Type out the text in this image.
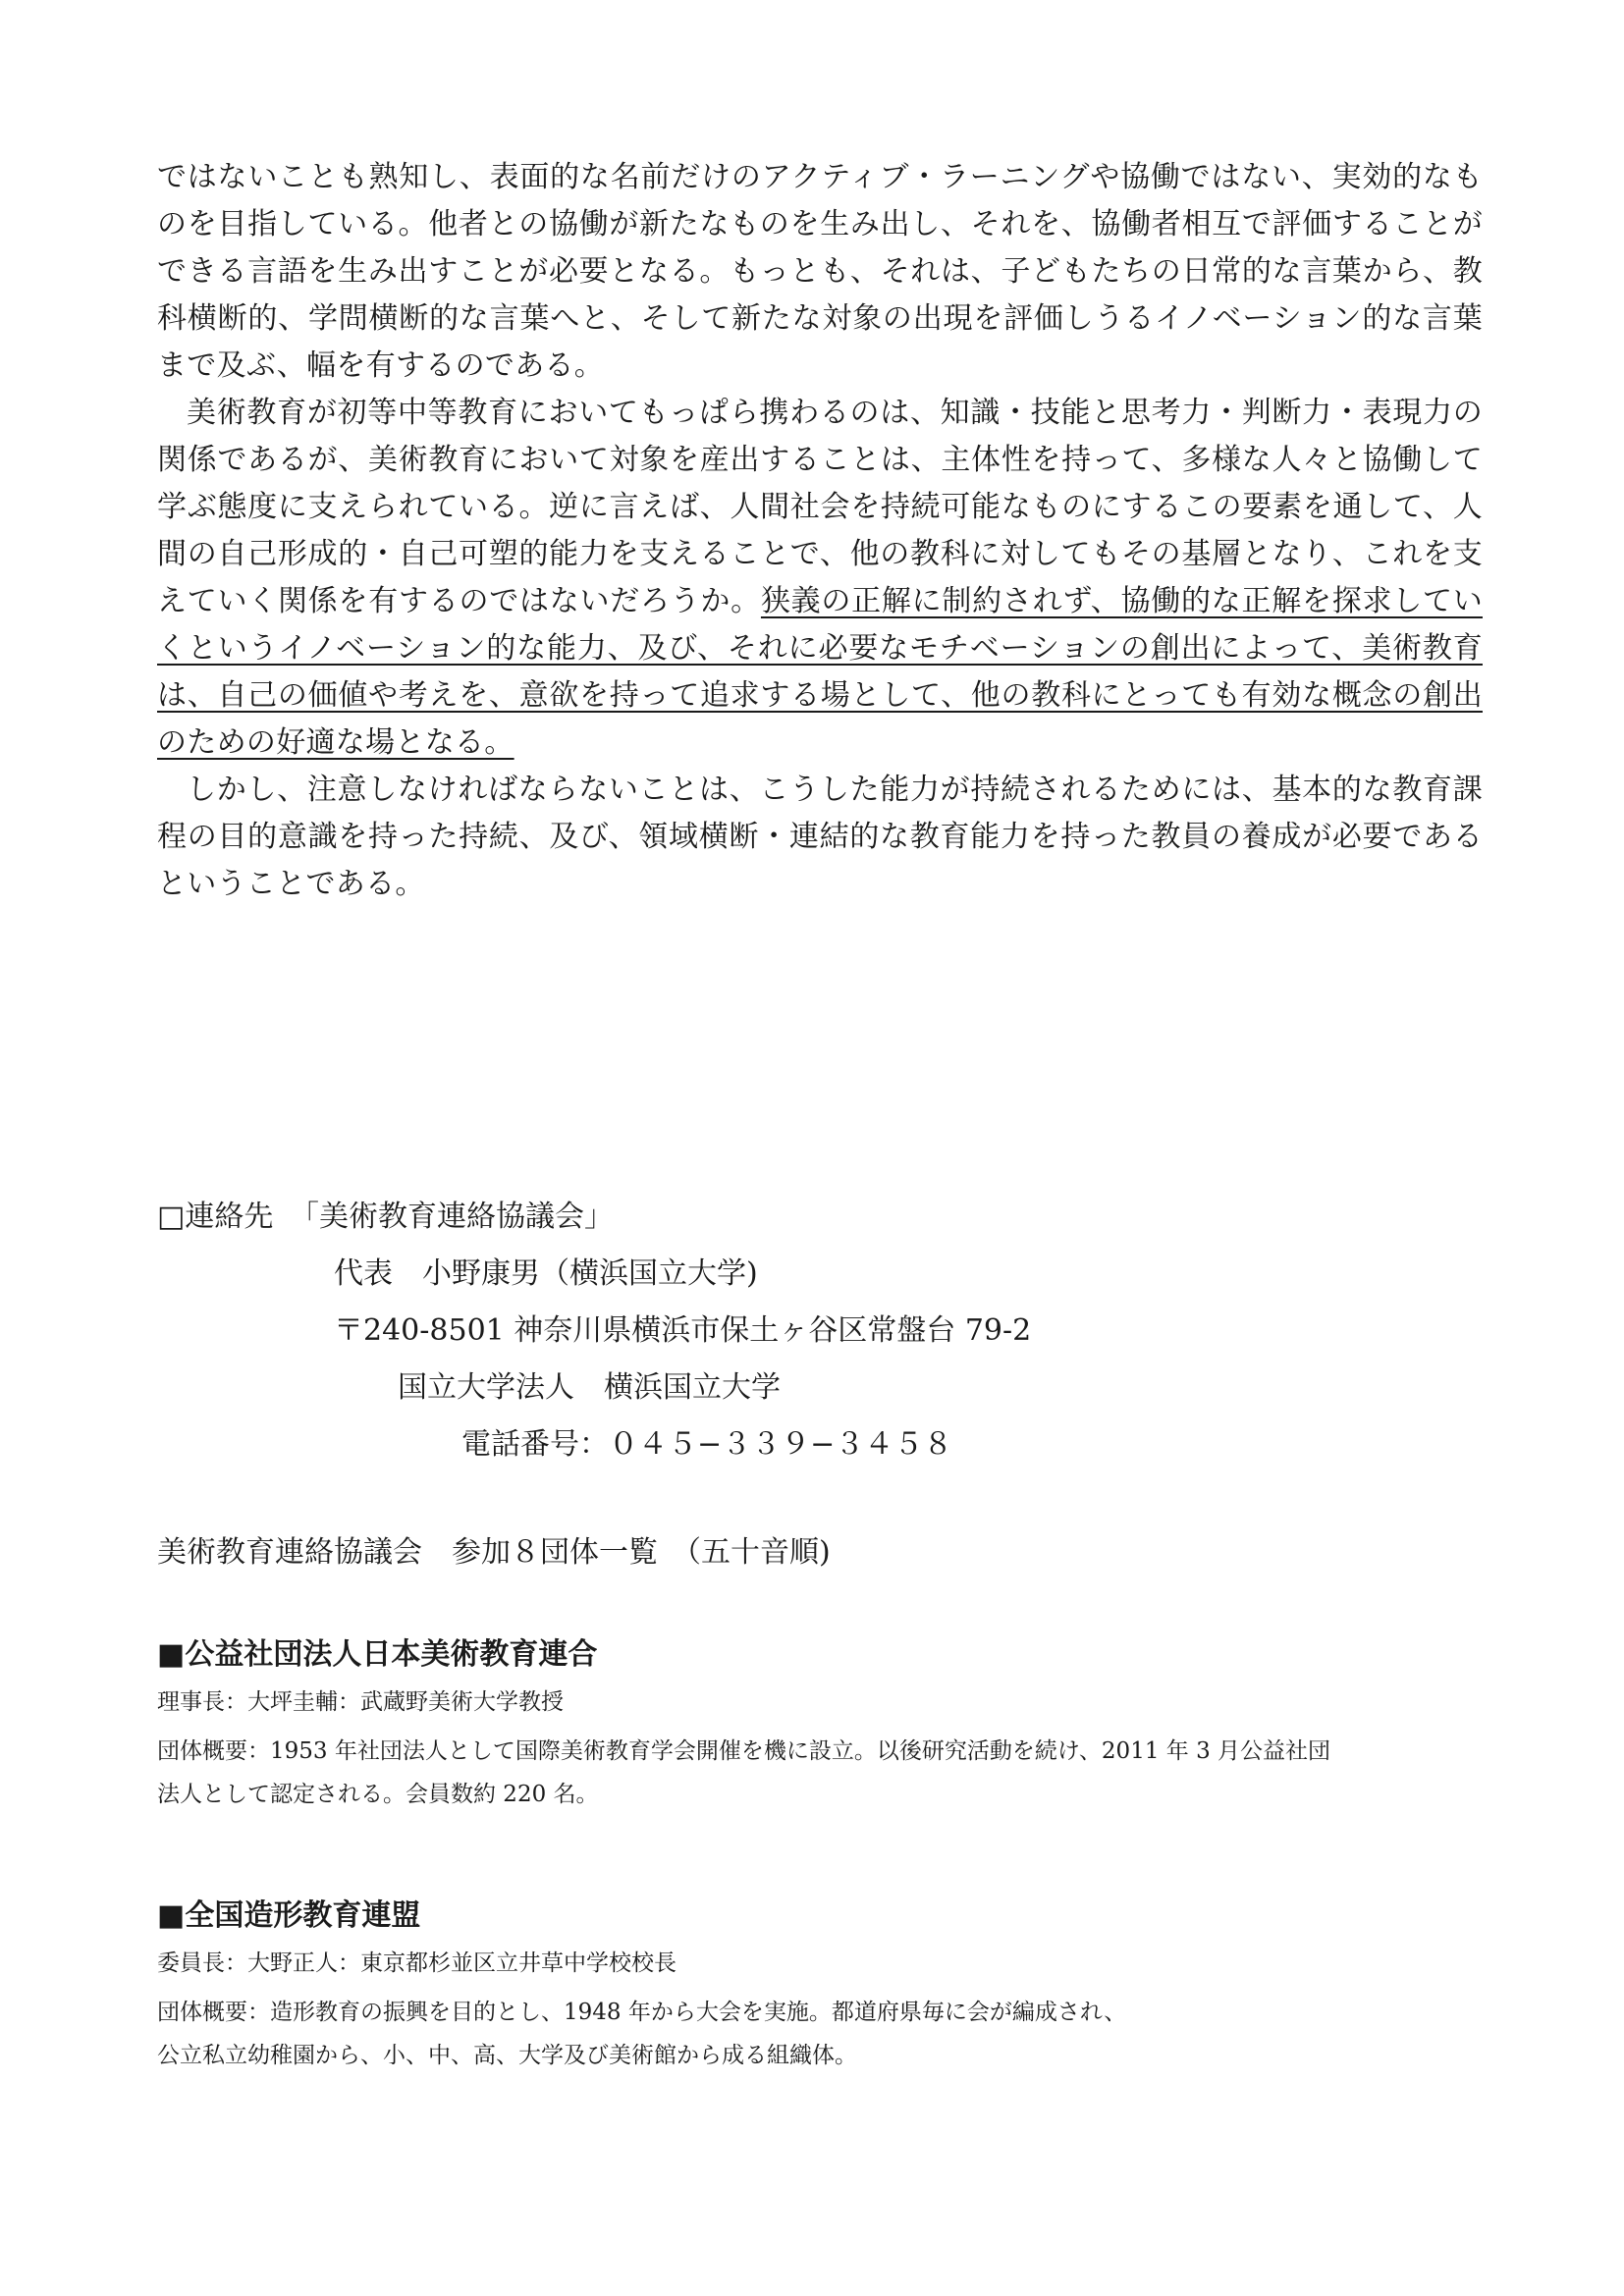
ではないことも熟知し、表面的な名前だけのアクティブ・ラーニングや協働ではない、実効的なものを目指している。他者との協働が新たなものを生み出し、それを、協働者相互で評価することができる言語を生み出すことが必要となる。もっとも、それは、子どもたちの日常的な言葉から、教科横断的、学問横断的な言葉へと、そして新たな対象の出現を評価しうるイノベーション的な言葉まで及ぶ、幅を有するのである。

美術教育が初等中等教育においてもっぱら携わるのは、知識・技能と思考力・判断力・表現力の関係であるが、美術教育において対象を産出することは、主体性を持って、多様な人々と協働して学ぶ態度に支えられている。逆に言えば、人間社会を持続可能なものにするこの要素を通して、人間の自己形成的・自己可塑的能力を支えることで、他の教科に対してもその基層となり、これを支えていく関係を有するのではないだろうか。狭義の正解に制約されず、協働的な正解を探求していくというイノベーション的な能力、及び、それに必要なモチベーションの創出によって、美術教育は、自己の価値や考えを、意欲を持って追求する場として、他の教科にとっても有効な概念の創出のための好適な場となる。

しかし、注意しなければならないことは、こうした能力が持続されるためには、基本的な教育課程の目的意識を持った持続、及び、領域横断・連結的な教育能力を持った教員の養成が必要であるということである。

□連絡先 「美術教育連絡協議会」
代表　小野康男（横浜国立大学)
〒240-8501 神奈川県横浜市保土ヶ谷区常盤台 79-2
国立大学法人　横浜国立大学
電話番号：０４５−３３９−３４５８
美術教育連絡協議会　参加８団体一覧 （五十音順)
■公益社団法人日本美術教育連合
理事長：大坪圭輔：武蔵野美術大学教授
団体概要：1953 年社団法人として国際美術教育学会開催を機に設立。以後研究活動を続け、2011 年 3 月公益社団
法人として認定される。会員数約 220 名。
■全国造形教育連盟
委員長：大野正人：東京都杉並区立井草中学校校長
団体概要：造形教育の振興を目的とし、1948 年から大会を実施。都道府県毎に会が編成され、
公立私立幼稚園から、小、中、高、大学及び美術館から成る組織体。
